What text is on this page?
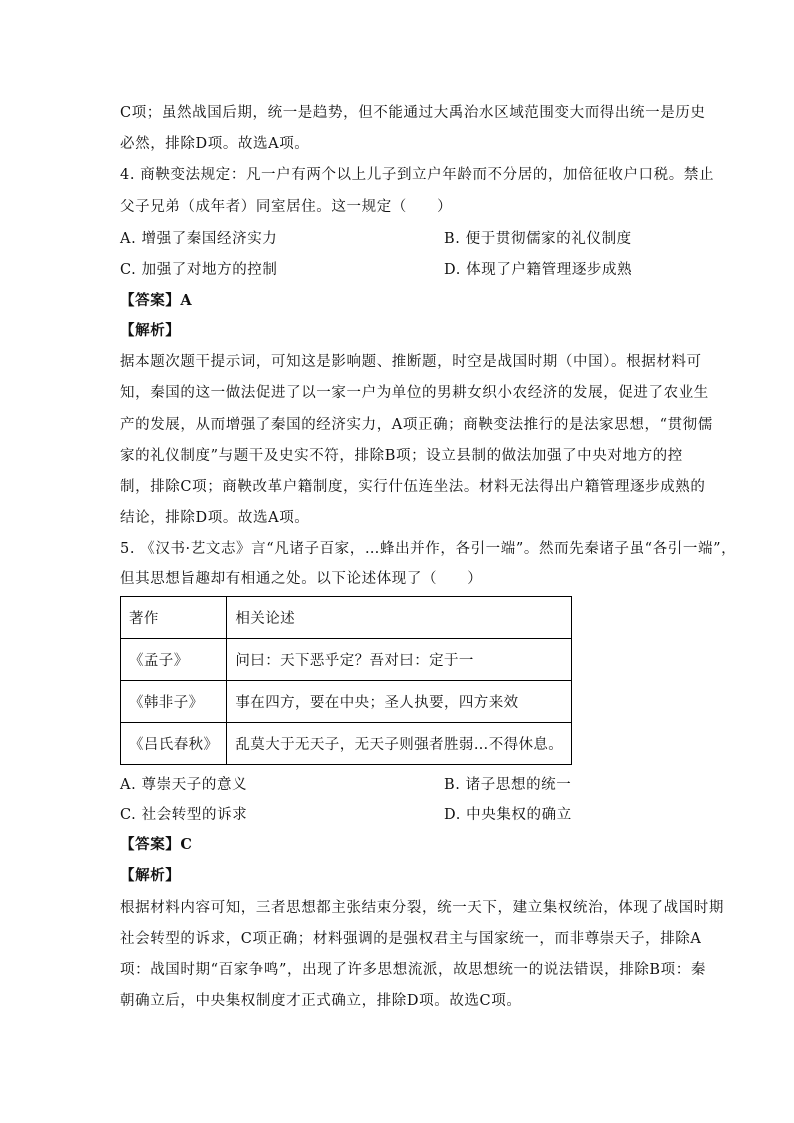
C项；虽然战国后期，统一是趋势，但不能通过大禹治水区域范围变大而得出统一是历史
必然，排除D项。故选A项。
4. 商鞅变法规定：凡一户有两个以上儿子到立户年龄而不分居的，加倍征收户口税。禁止
父子兄弟（成年者）同室居住。这一规定（　　）
A. 增强了秦国经济实力	B. 便于贯彻儒家的礼仪制度
C. 加强了对地方的控制	D. 体现了户籍管理逐步成熟
【答案】A
【解析】
据本题次题干提示词，可知这是影响题、推断题，时空是战国时期（中国）。根据材料可
知，秦国的这一做法促进了以一家一户为单位的男耕女织小农经济的发展，促进了农业生
产的发展，从而增强了秦国的经济实力，A项正确；商鞅变法推行的是法家思想，“贯彻儒
家的礼仪制度”与题干及史实不符，排除B项；设立县制的做法加强了中央对地方的控
制，排除C项；商鞅改革户籍制度，实行什伍连坐法。材料无法得出户籍管理逐步成熟的
结论，排除D项。故选A项。
5. 《汉书·艺文志》言“凡诸子百家，…蜂出并作，各引一端”。然而先秦诸子虽“各引一端”，
但其思想旨趣却有相通之处。以下论述体现了（　　）
著作	相关论述
《孟子》	问曰：天下恶乎定？吾对曰：定于一
《韩非子》	事在四方，要在中央；圣人执要，四方来效
《吕氏春秋》	乱莫大于无天子，无天子则强者胜弱…不得休息。
A. 尊崇天子的意义	B. 诸子思想的统一
C. 社会转型的诉求	D. 中央集权的确立
【答案】C
【解析】
根据材料内容可知，三者思想都主张结束分裂，统一天下，建立集权统治，体现了战国时期
社会转型的诉求，C项正确；材料强调的是强权君主与国家统一，而非尊崇天子，排除A
项：战国时期“百家争鸣”，出现了许多思想流派，故思想统一的说法错误，排除B项：秦
朝确立后，中央集权制度才正式确立，排除D项。故选C项。
